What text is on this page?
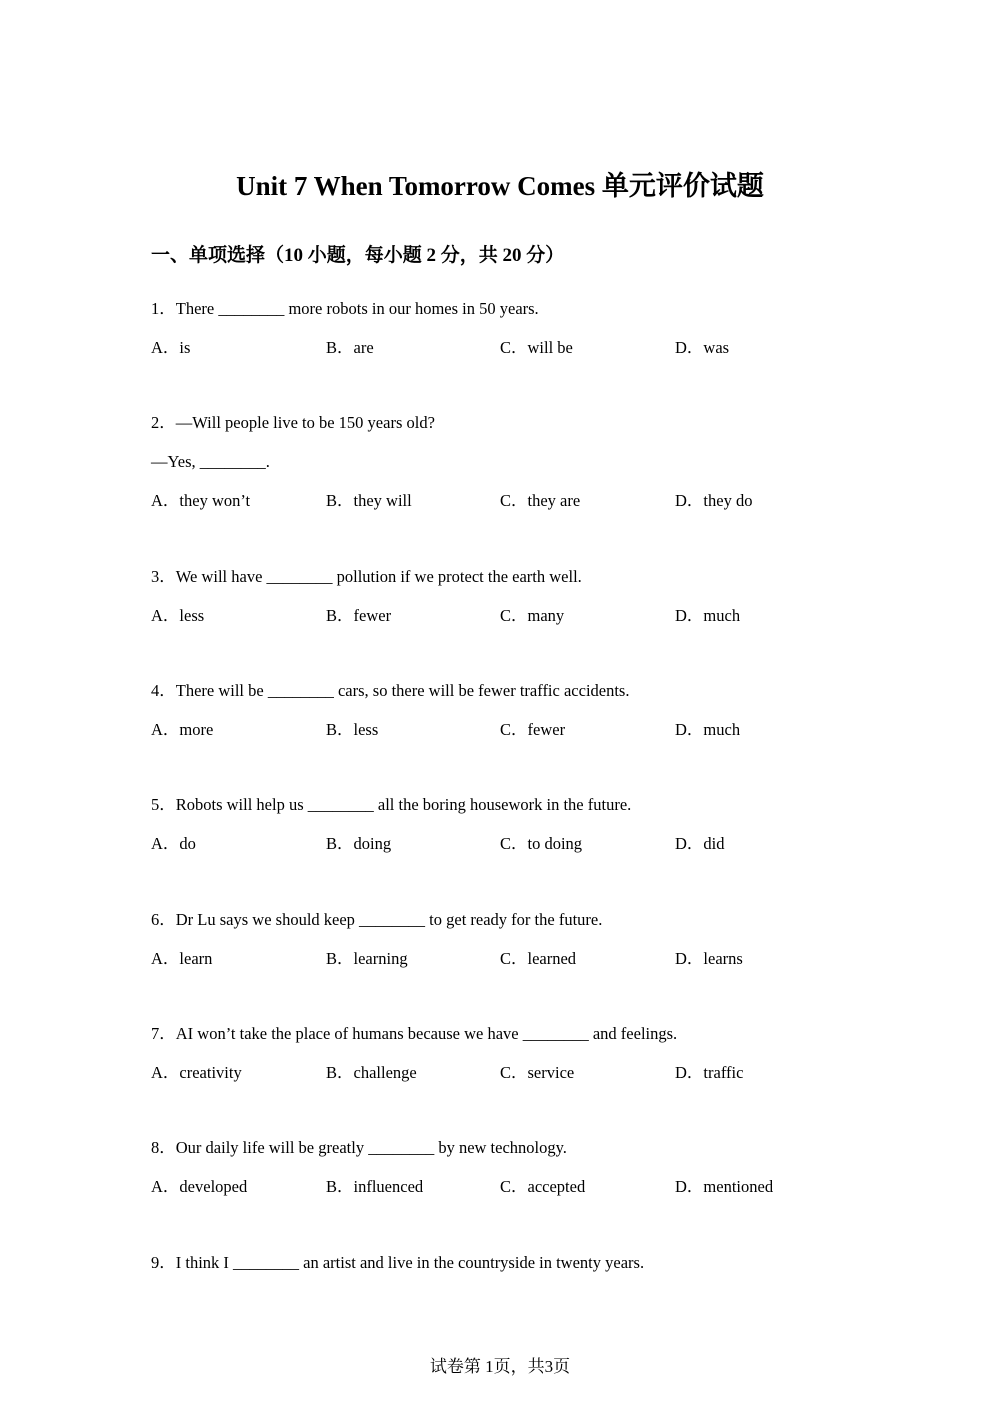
Unit 7 When Tomorrow Comes 单元评价试题
一、单项选择（10 小题，每小题 2 分，共 20 分）
1．There ________ more robots in our homes in 50 years.
A．is	B．are	C．will be	D．was
2．—Will people live to be 150 years old?
—Yes, ________.
A．they won’t	B．they will	C．they are	D．they do
3．We will have ________ pollution if we protect the earth well.
A．less	B．fewer	C．many	D．much
4．There will be ________ cars, so there will be fewer traffic accidents.
A．more	B．less	C．fewer	D．much
5．Robots will help us ________ all the boring housework in the future.
A．do	B．doing	C．to doing	D．did
6．Dr Lu says we should keep ________ to get ready for the future.
A．learn	B．learning	C．learned	D．learns
7．AI won’t take the place of humans because we have ________ and feelings.
A．creativity	B．challenge	C．service	D．traffic
8．Our daily life will be greatly ________ by new technology.
A．developed	B．influenced	C．accepted	D．mentioned
9．I think I ________ an artist and live in the countryside in twenty years.
试卷第 1页，共3页
